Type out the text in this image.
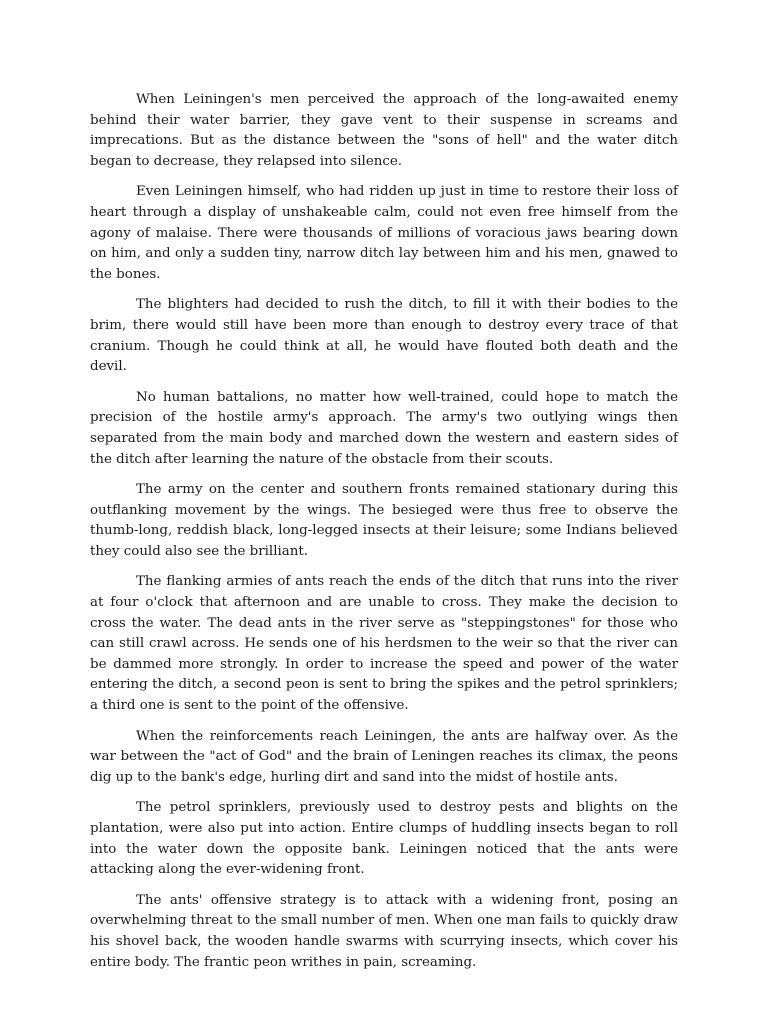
When Leiningen's men perceived the approach of the long-awaited enemy behind their water barrier, they gave vent to their suspense in screams and imprecations. But as the distance between the "sons of hell" and the water ditch began to decrease, they relapsed into silence.

Even Leiningen himself, who had ridden up just in time to restore their loss of heart through a display of unshakeable calm, could not even free himself from the agony of malaise. There were thousands of millions of voracious jaws bearing down on him, and only a sudden tiny, narrow ditch lay between him and his men, gnawed to the bones.

The blighters had decided to rush the ditch, to fill it with their bodies to the brim, there would still have been more than enough to destroy every trace of that cranium. Though he could think at all, he would have flouted both death and the devil.

No human battalions, no matter how well-trained, could hope to match the precision of the hostile army's approach. The army's two outlying wings then separated from the main body and marched down the western and eastern sides of the ditch after learning the nature of the obstacle from their scouts.

The army on the center and southern fronts remained stationary during this outflanking movement by the wings. The besieged were thus free to observe the thumb-long, reddish black, long-legged insects at their leisure; some Indians believed they could also see the brilliant.

The flanking armies of ants reach the ends of the ditch that runs into the river at four o'clock that afternoon and are unable to cross. They make the decision to cross the water. The dead ants in the river serve as "steppingstones" for those who can still crawl across. He sends one of his herdsmen to the weir so that the river can be dammed more strongly. In order to increase the speed and power of the water entering the ditch, a second peon is sent to bring the spikes and the petrol sprinklers; a third one is sent to the point of the offensive.

When the reinforcements reach Leiningen, the ants are halfway over. As the war between the "act of God" and the brain of Leningen reaches its climax, the peons dig up to the bank's edge, hurling dirt and sand into the midst of hostile ants.

The petrol sprinklers, previously used to destroy pests and blights on the plantation, were also put into action. Entire clumps of huddling insects began to roll into the water down the opposite bank. Leiningen noticed that the ants were attacking along the ever-widening front.

The ants' offensive strategy is to attack with a widening front, posing an overwhelming threat to the small number of men. When one man fails to quickly draw his shovel back, the wooden handle swarms with scurrying insects, which cover his entire body. The frantic peon writhes in pain, screaming.
